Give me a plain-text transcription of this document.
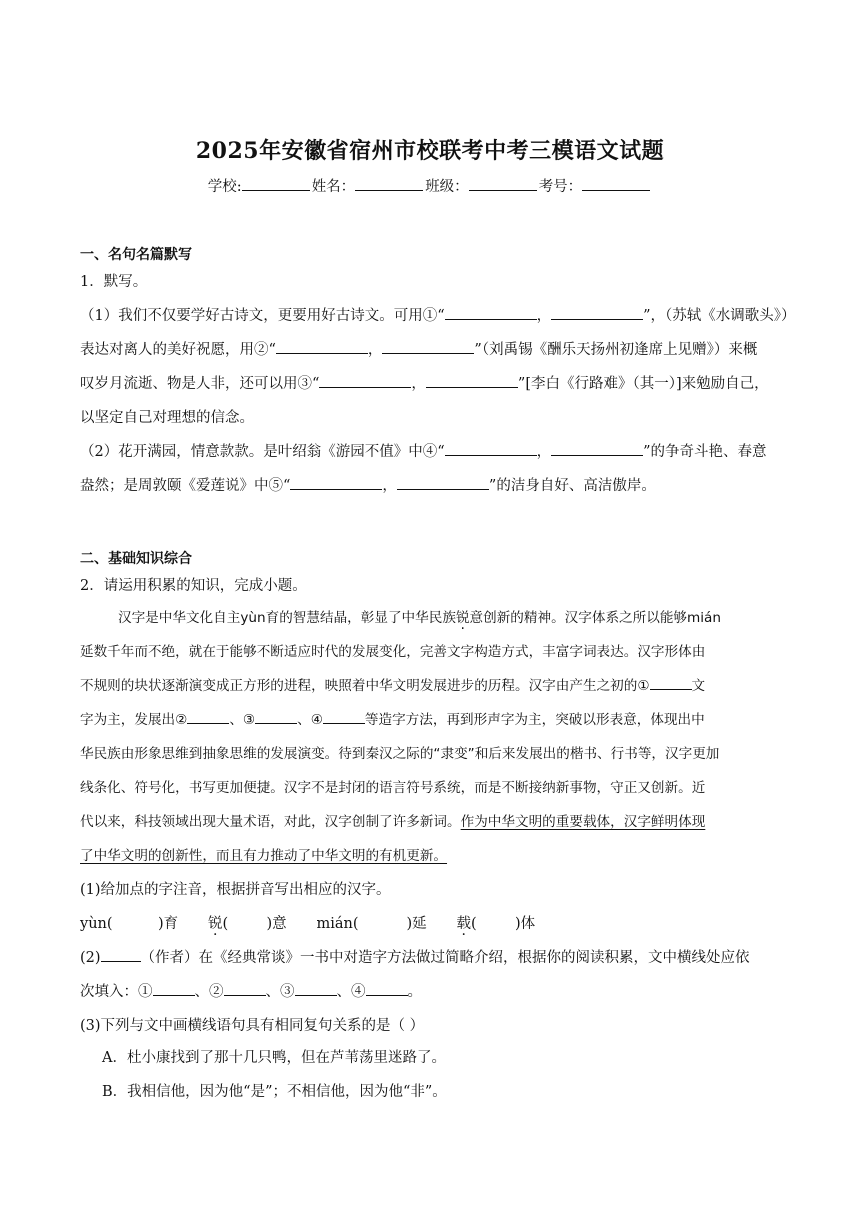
2025年安徽省宿州市校联考中考三模语文试题
学校:	姓名：	班级：	考号：
一、名句名篇默写
1．默写。
（1）我们不仅要学好古诗文，更要用好古诗文。可用①“	，	”，（苏轼《水调歌头》）
表达对离人的美好祝愿，用②“	，	”（刘禹锡《酬乐天扬州初逢席上见赠》）来概
叹岁月流逝、物是人非，还可以用③“	，	”[李白《行路难》（其一）]来勉励自己，
以坚定自己对理想的信念。
（2）花开满园，情意款款。是叶绍翁《游园不值》中④“	，	”的争奇斗艳、春意
盎然；是周敦颐《爱莲说》中⑤“	，	”的洁身自好、高洁傲岸。
二、基础知识综合
2．请运用积累的知识，完成小题。
汉字是中华文化自主yùn育的智慧结晶，彰显了中华民族锐意创新的精神。汉字体系之所以能够mián
延数千年而不绝，就在于能够不断适应时代的发展变化，完善文字构造方式，丰富字词表达。汉字形体由
不规则的块状逐渐演变成正方形的进程，映照着中华文明发展进步的历程。汉字由产生之初的①	文
字为主，发展出②	、③	、④	等造字方法，再到形声字为主，突破以形表意，体现出中
华民族由形象思维到抽象思维的发展演变。待到秦汉之际的“隶变”和后来发展出的楷书、行书等，汉字更加
线条化、符号化，书写更加便捷。汉字不是封闭的语言符号系统，而是不断接纳新事物，守正又创新。近
代以来，科技领域出现大量术语，对此，汉字创制了许多新词。作为中华文明的重要载体，汉字鲜明体现
了中华文明的创新性，而且有力推动了中华文明的有机更新。
(1)给加点的字注音，根据拼音写出相应的汉字。
yùn(	)育 锐(	)意 mián(	)延 载(	)体
(2)	（作者）在《经典常谈》一书中对造字方法做过简略介绍，根据你的阅读积累，文中横线处应依
次填入：①	、②	、③	、④	。
(3)下列与文中画横线语句具有相同复句关系的是（ ）
A．杜小康找到了那十几只鸭，但在芦苇荡里迷路了。
B．我相信他，因为他“是”；不相信他，因为他“非”。
